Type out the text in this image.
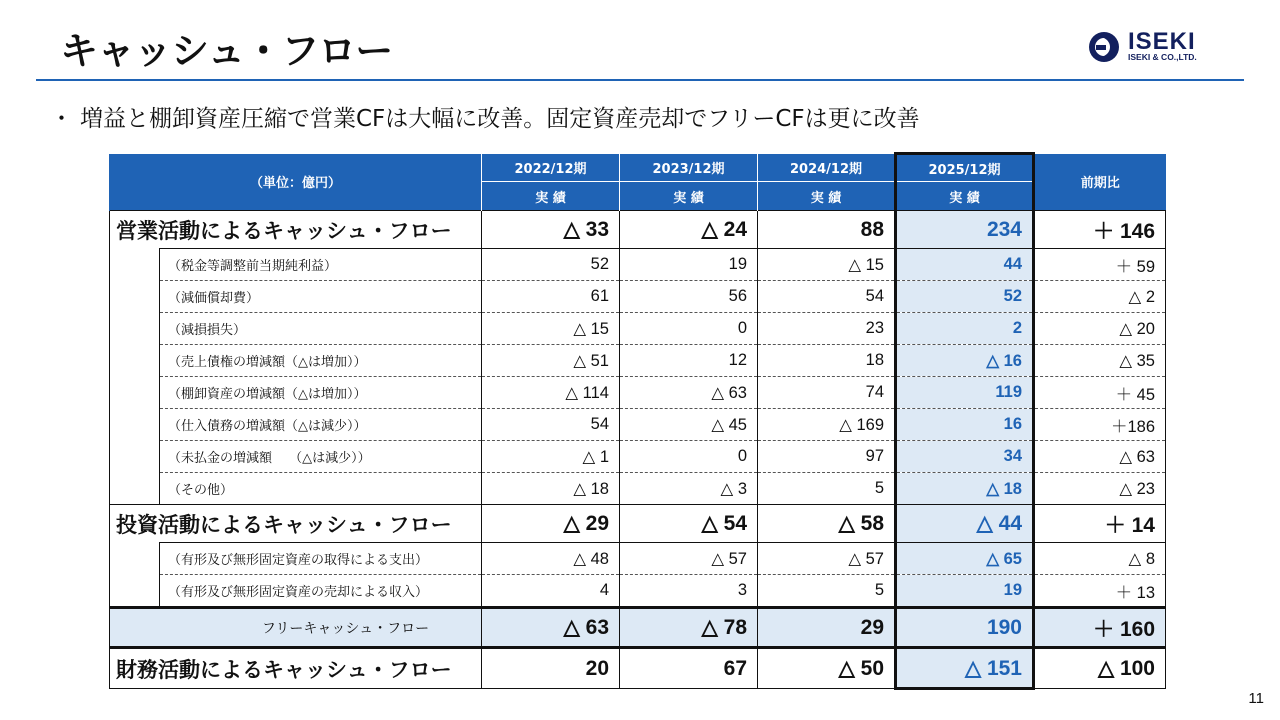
キャッシュ・フロー	ISEKI
ISEKI & CO.,LTD.
・ 増益と棚卸資産圧縮で営業CFは大幅に改善。固定資産売却でフリーCFは更に改善
（単位：億円）		2022/12期	2023/12期	2024/12期	2025/12期	前期比
		実 績	実 績	実 績	実 績	
営業活動によるキャッシュ・フロー		△ 33	△ 24	88	234	＋ 146
	（税金等調整前当期純利益）	52	19	△ 15	44	＋ 59
	（減価償却費）	61	56	54	52	△ 2
	（減損損失）	△ 15	0	23	2	△ 20
	（売上債権の増減額（△は増加））	△ 51	12	18	△ 16	△ 35
	（棚卸資産の増減額（△は増加））	△ 114	△ 63	74	119	＋ 45
	（仕入債務の増減額（△は減少））	54	△ 45	△ 169	16	＋186
	（未払金の増減額　 （△は減少））	△ 1	0	97	34	△ 63
	（その他）	△ 18	△ 3	5	△ 18	△ 23
投資活動によるキャッシュ・フロー		△ 29	△ 54	△ 58	△ 44	＋ 14
	（有形及び無形固定資産の取得による支出）	△ 48	△ 57	△ 57	△ 65	△ 8
	（有形及び無形固定資産の売却による収入）	4	3	5	19	＋ 13
フリーキャッシュ・フロー		△ 63	△ 78	29	190	＋ 160
財務活動によるキャッシュ・フロー		20	67	△ 50	△ 151	△ 100
11
